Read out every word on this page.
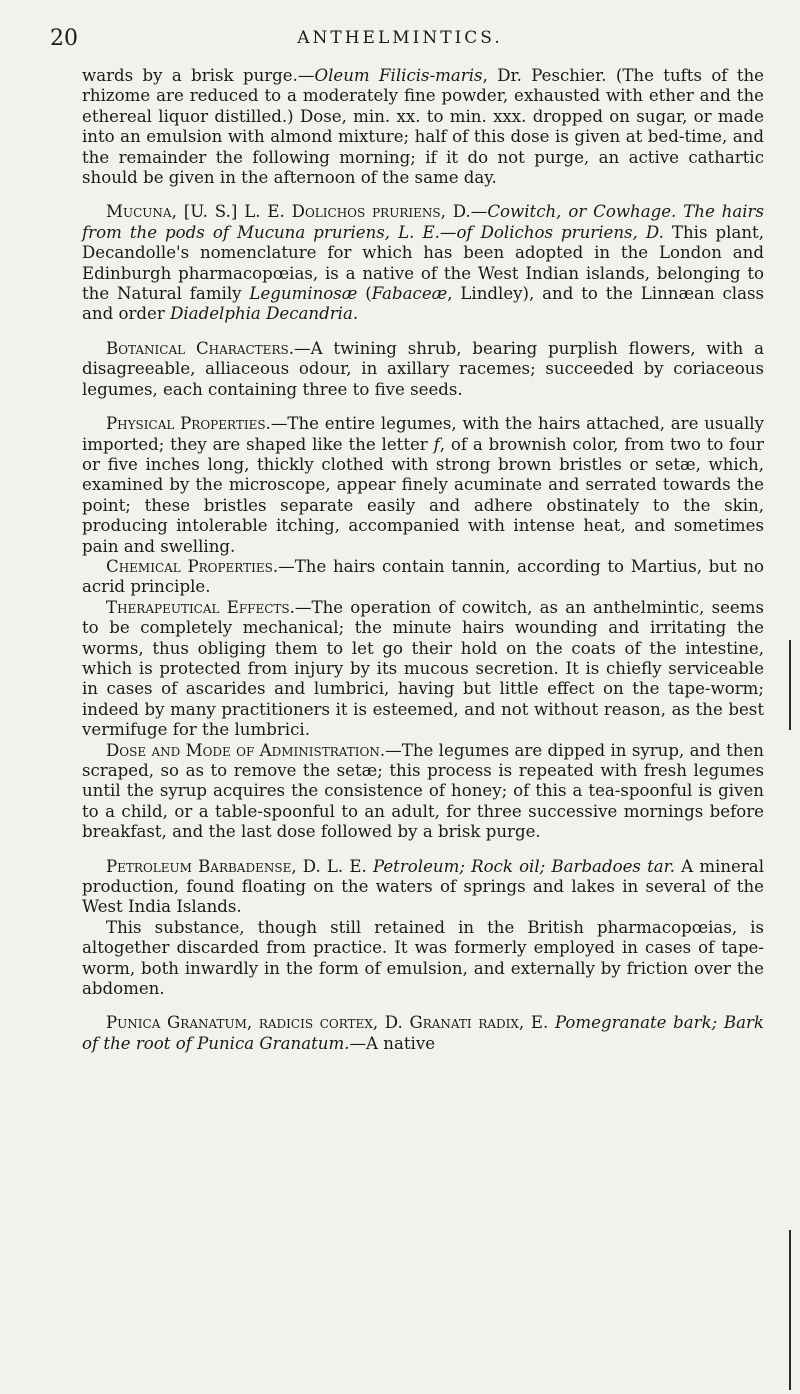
20	ANTHELMINTICS.

wards by a brisk purge.—Oleum Filicis-maris, Dr. Peschier. (The tufts of the rhizome are reduced to a moderately fine powder, exhausted with ether and the ethereal liquor distilled.) Dose, min. xx. to min. xxx. dropped on sugar, or made into an emulsion with almond mixture; half of this dose is given at bed-time, and the remainder the following morning; if it do not purge, an active cathartic should be given in the afternoon of the same day.

Mucuna, [U. S.] L. E. Dolichos pruriens, D.—Cowitch, or Cowhage. The hairs from the pods of Mucuna pruriens, L. E.—of Dolichos pruriens, D. This plant, Decandolle's nomenclature for which has been adopted in the London and Edinburgh pharmacopœias, is a native of the West Indian islands, belonging to the Natural family Leguminosæ (Fabaceæ, Lindley), and to the Linnæan class and order Diadelphia Decandria.

Botanical Characters.—A twining shrub, bearing purplish flowers, with a disagreeable, alliaceous odour, in axillary racemes; succeeded by coriaceous legumes, each containing three to five seeds.

Physical Properties.—The entire legumes, with the hairs attached, are usually imported; they are shaped like the letter f, of a brownish color, from two to four or five inches long, thickly clothed with strong brown bristles or setæ, which, examined by the microscope, appear finely acuminate and serrated towards the point; these bristles separate easily and adhere obstinately to the skin, producing intolerable itching, accompanied with intense heat, and sometimes pain and swelling.

Chemical Properties.—The hairs contain tannin, according to Martius, but no acrid principle.

Therapeutical Effects.—The operation of cowitch, as an anthelmintic, seems to be completely mechanical; the minute hairs wounding and irritating the worms, thus obliging them to let go their hold on the coats of the intestine, which is protected from injury by its mucous secretion. It is chiefly serviceable in cases of ascarides and lumbrici, having but little effect on the tape-worm; indeed by many practitioners it is esteemed, and not without reason, as the best vermifuge for the lumbrici.

Dose and Mode of Administration.—The legumes are dipped in syrup, and then scraped, so as to remove the setæ; this process is repeated with fresh legumes until the syrup acquires the consistence of honey; of this a tea-spoonful is given to a child, or a table-spoonful to an adult, for three successive mornings before breakfast, and the last dose followed by a brisk purge.

Petroleum Barbadense, D. L. E. Petroleum; Rock oil; Barbadoes tar. A mineral production, found floating on the waters of springs and lakes in several of the West India Islands.

This substance, though still retained in the British pharmacopœias, is altogether discarded from practice. It was formerly employed in cases of tape-worm, both inwardly in the form of emulsion, and externally by friction over the abdomen.

Punica Granatum, radicis cortex, D. Granati radix, E. Pomegranate bark; Bark of the root of Punica Granatum.—A native
